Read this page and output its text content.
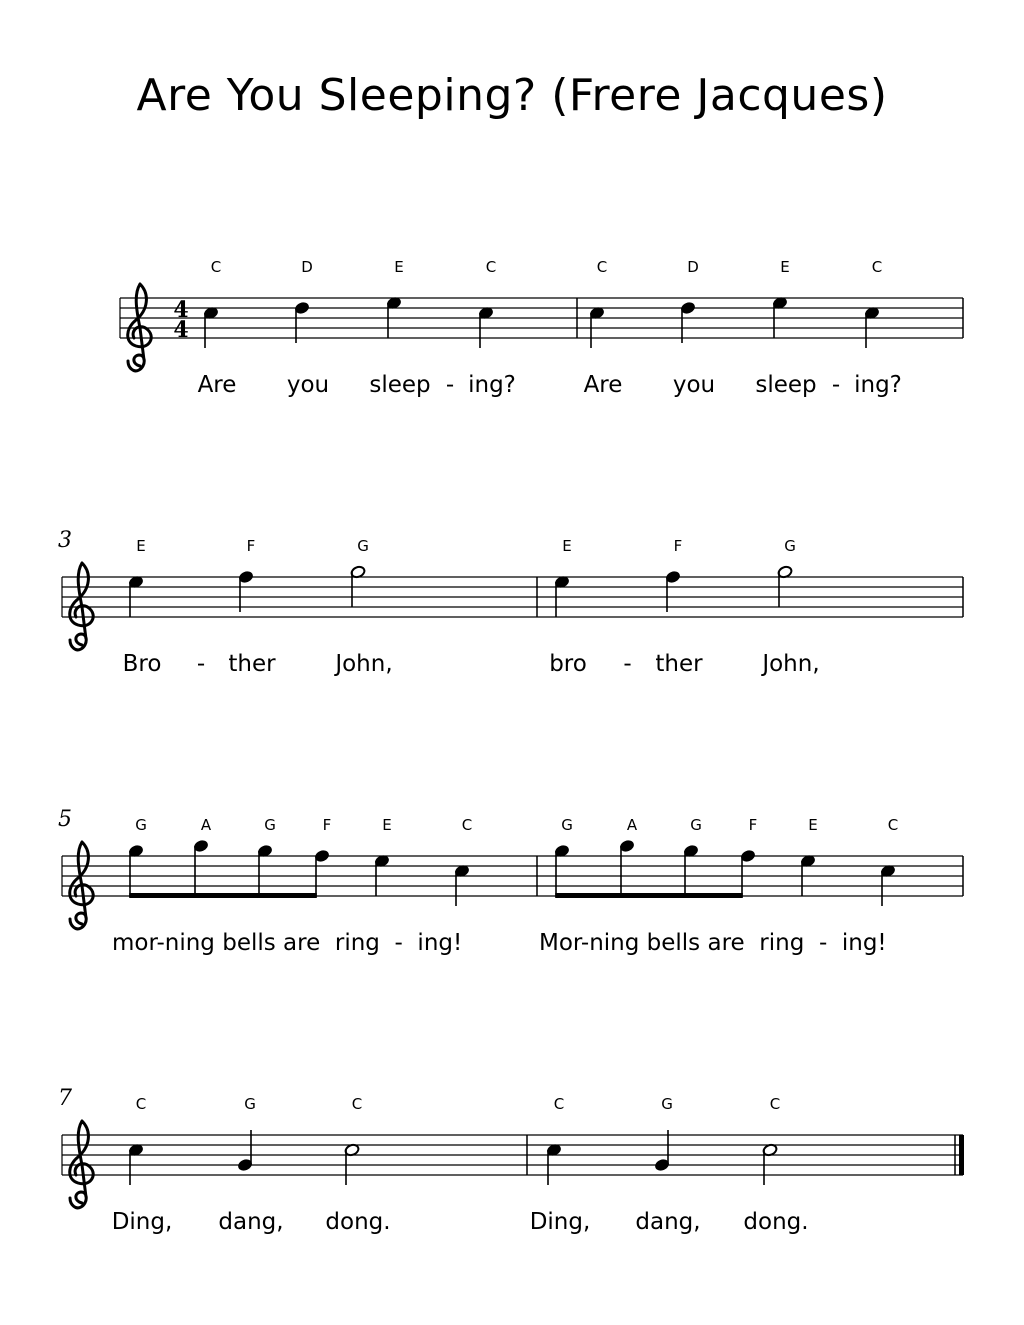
Are You Sleeping? (Frere Jacques)
4
4
C
Are
D
you
E
sleep
C
ing?
-
C
Are
D
you
E
sleep
C
ing?
-
3	E
Bro
F
ther
G
John,
-
E
bro
F
ther
G
John,
-
5	G	A	G	F	E	C
mor-ning bells are  ring  -  ing!
G	A	G	F	E	C
Mor-ning bells are  ring  -  ing!
7	C
Ding,
G
dang,
C
dong.
C
Ding,
G
dang,
C
dong.
